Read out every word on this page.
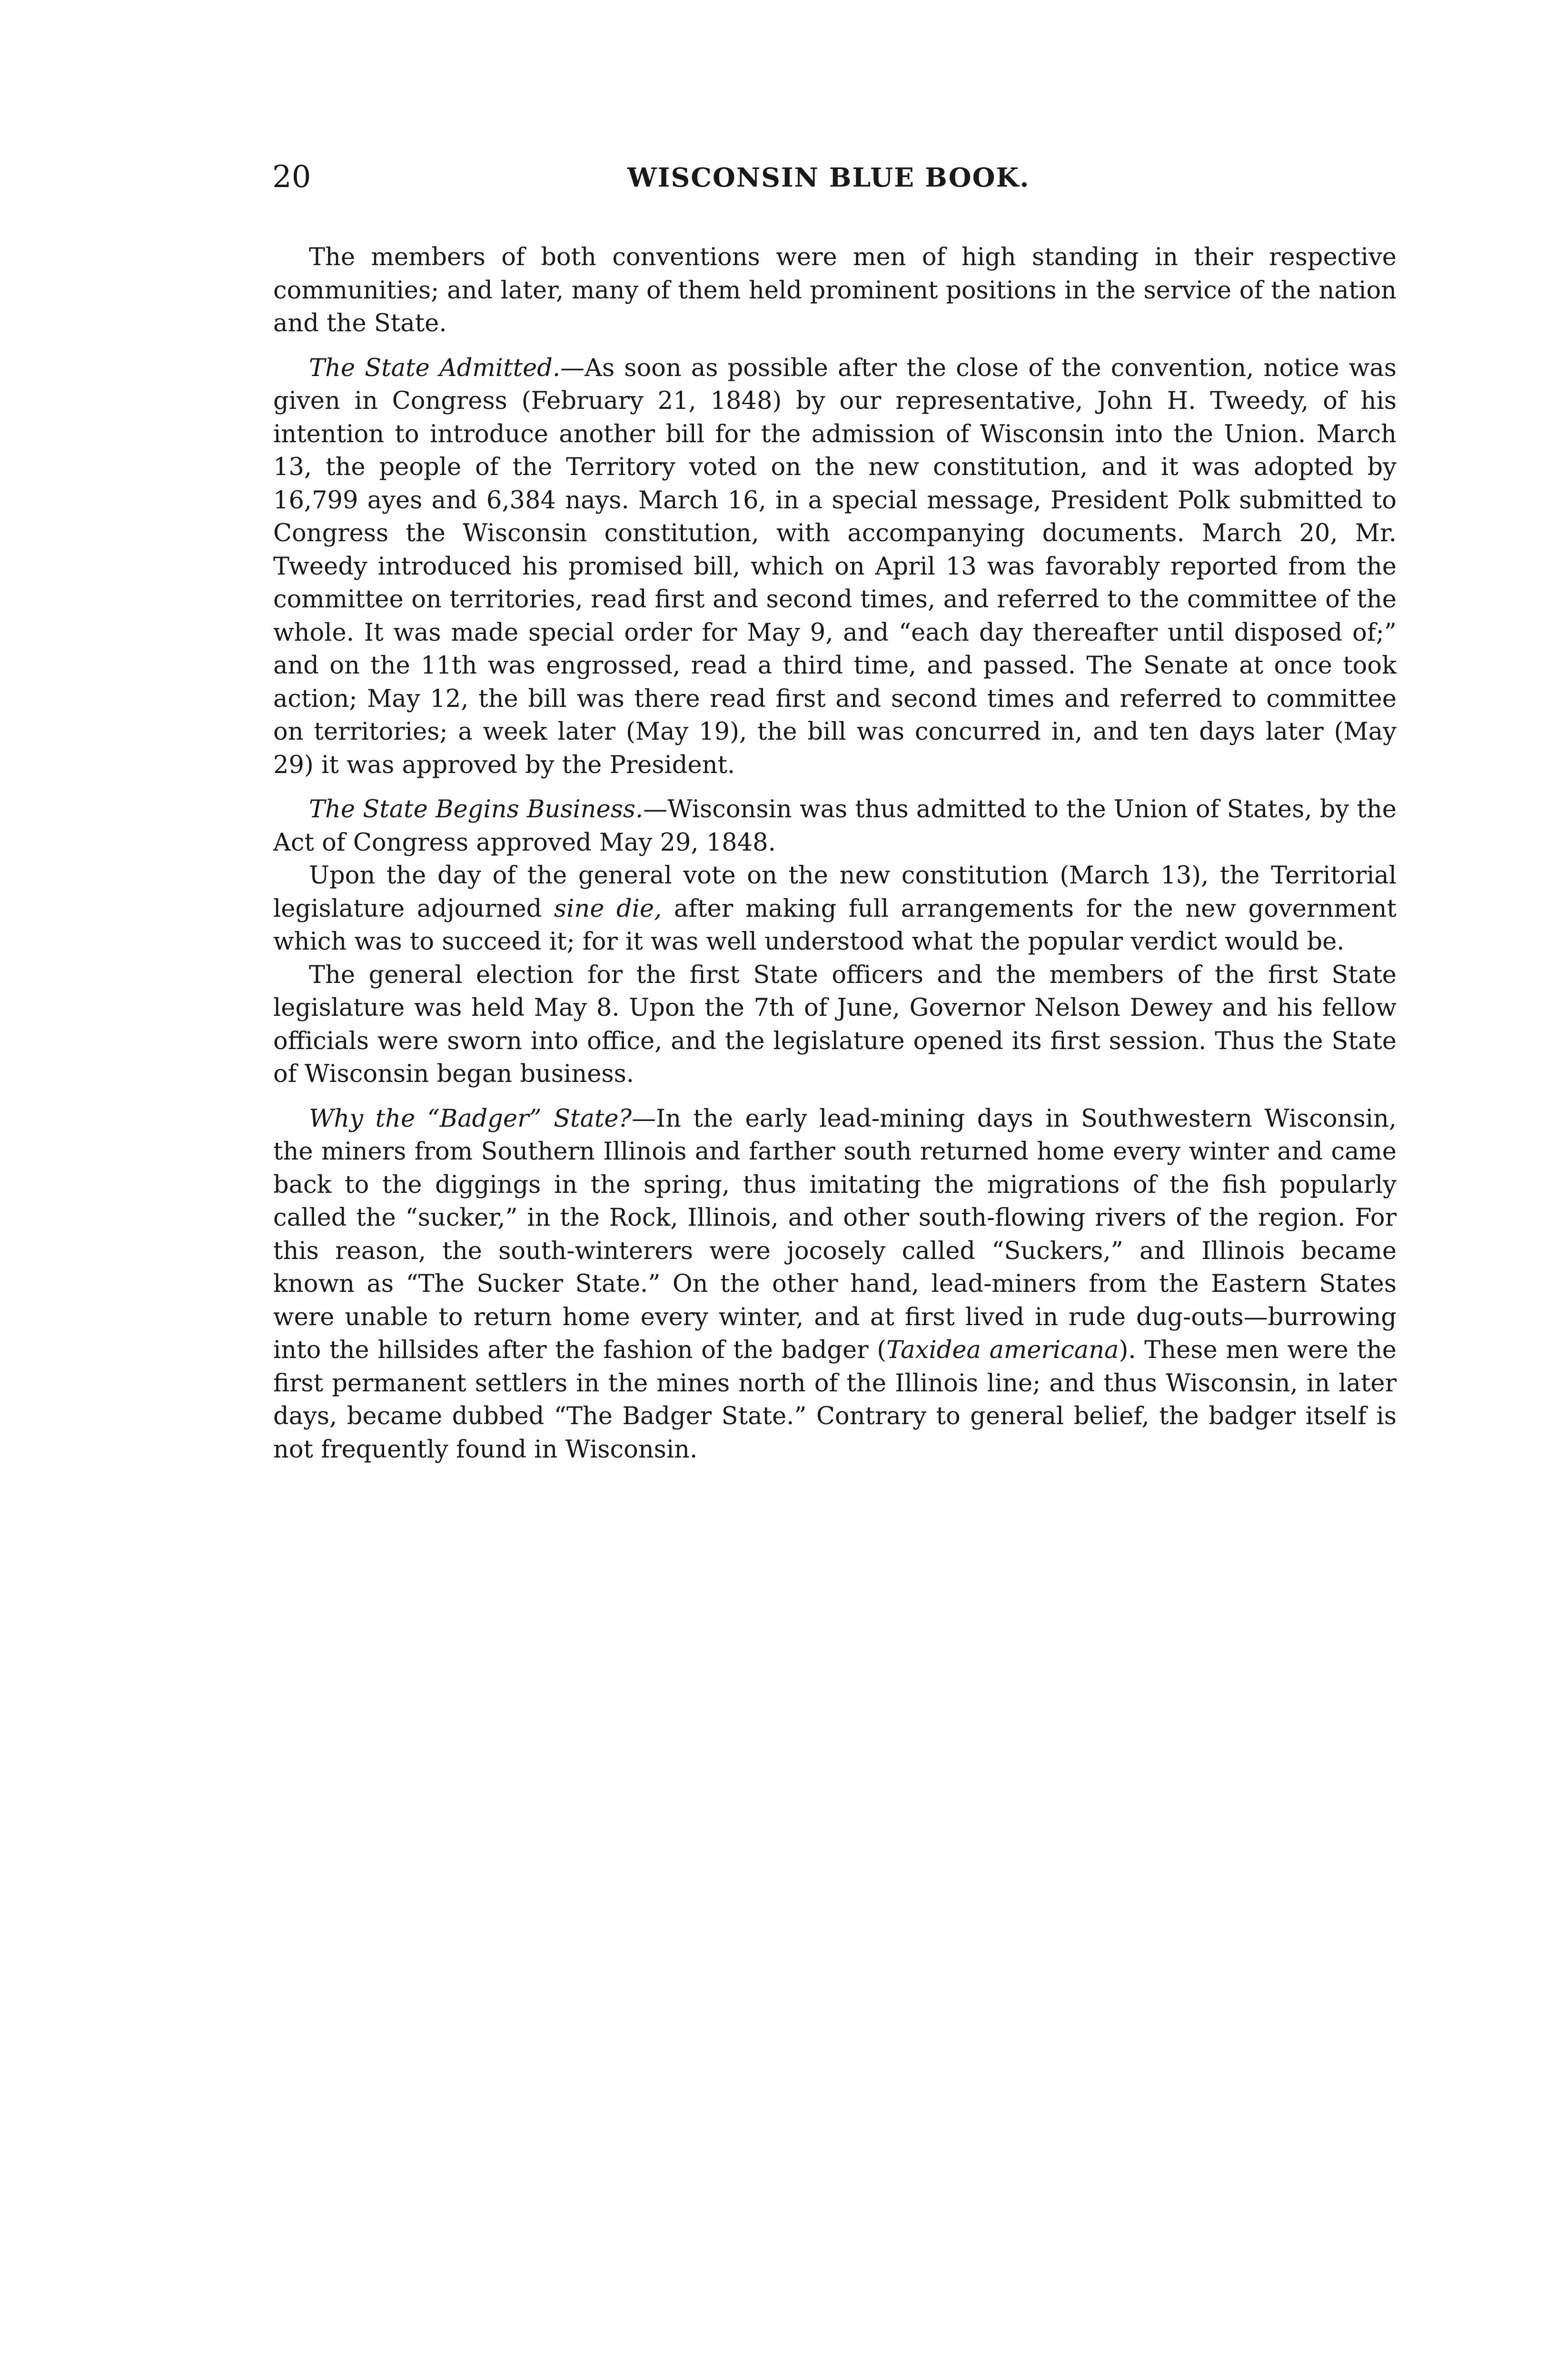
20	WISCONSIN BLUE BOOK.

The members of both conventions were men of high standing in their respective communities; and later, many of them held prominent positions in the service of the nation and the State.

The State Admitted.—As soon as possible after the close of the convention, notice was given in Congress (February 21, 1848) by our representative, John H. Tweedy, of his intention to introduce another bill for the admission of Wisconsin into the Union. March 13, the people of the Territory voted on the new constitution, and it was adopted by 16,799 ayes and 6,384 nays. March 16, in a special message, President Polk submitted to Congress the Wisconsin constitution, with accompanying documents. March 20, Mr. Tweedy introduced his promised bill, which on April 13 was favorably reported from the committee on territories, read first and second times, and referred to the committee of the whole. It was made special order for May 9, and “each day thereafter until disposed of;” and on the 11th was engrossed, read a third time, and passed. The Senate at once took action; May 12, the bill was there read first and second times and referred to committee on territories; a week later (May 19), the bill was concurred in, and ten days later (May 29) it was approved by the President.

The State Begins Business.—Wisconsin was thus admitted to the Union of States, by the Act of Congress approved May 29, 1848.

Upon the day of the general vote on the new constitution (March 13), the Territorial legislature adjourned sine die, after making full arrangements for the new government which was to succeed it; for it was well understood what the popular verdict would be.

The general election for the first State officers and the members of the first State legislature was held May 8. Upon the 7th of June, Governor Nelson Dewey and his fellow officials were sworn into office, and the legislature opened its first session. Thus the State of Wisconsin began business.

Why the “Badger” State?—In the early lead-mining days in Southwestern Wisconsin, the miners from Southern Illinois and farther south returned home every winter and came back to the diggings in the spring, thus imitating the migrations of the fish popularly called the “sucker,” in the Rock, Illinois, and other south-flowing rivers of the region. For this reason, the south-winterers were jocosely called “Suckers,” and Illinois became known as “The Sucker State.” On the other hand, lead-miners from the Eastern States were unable to return home every winter, and at first lived in rude dug-outs—burrowing into the hillsides after the fashion of the badger (Taxidea americana). These men were the first permanent settlers in the mines north of the Illinois line; and thus Wisconsin, in later days, became dubbed “The Badger State.” Contrary to general belief, the badger itself is not frequently found in Wisconsin.
